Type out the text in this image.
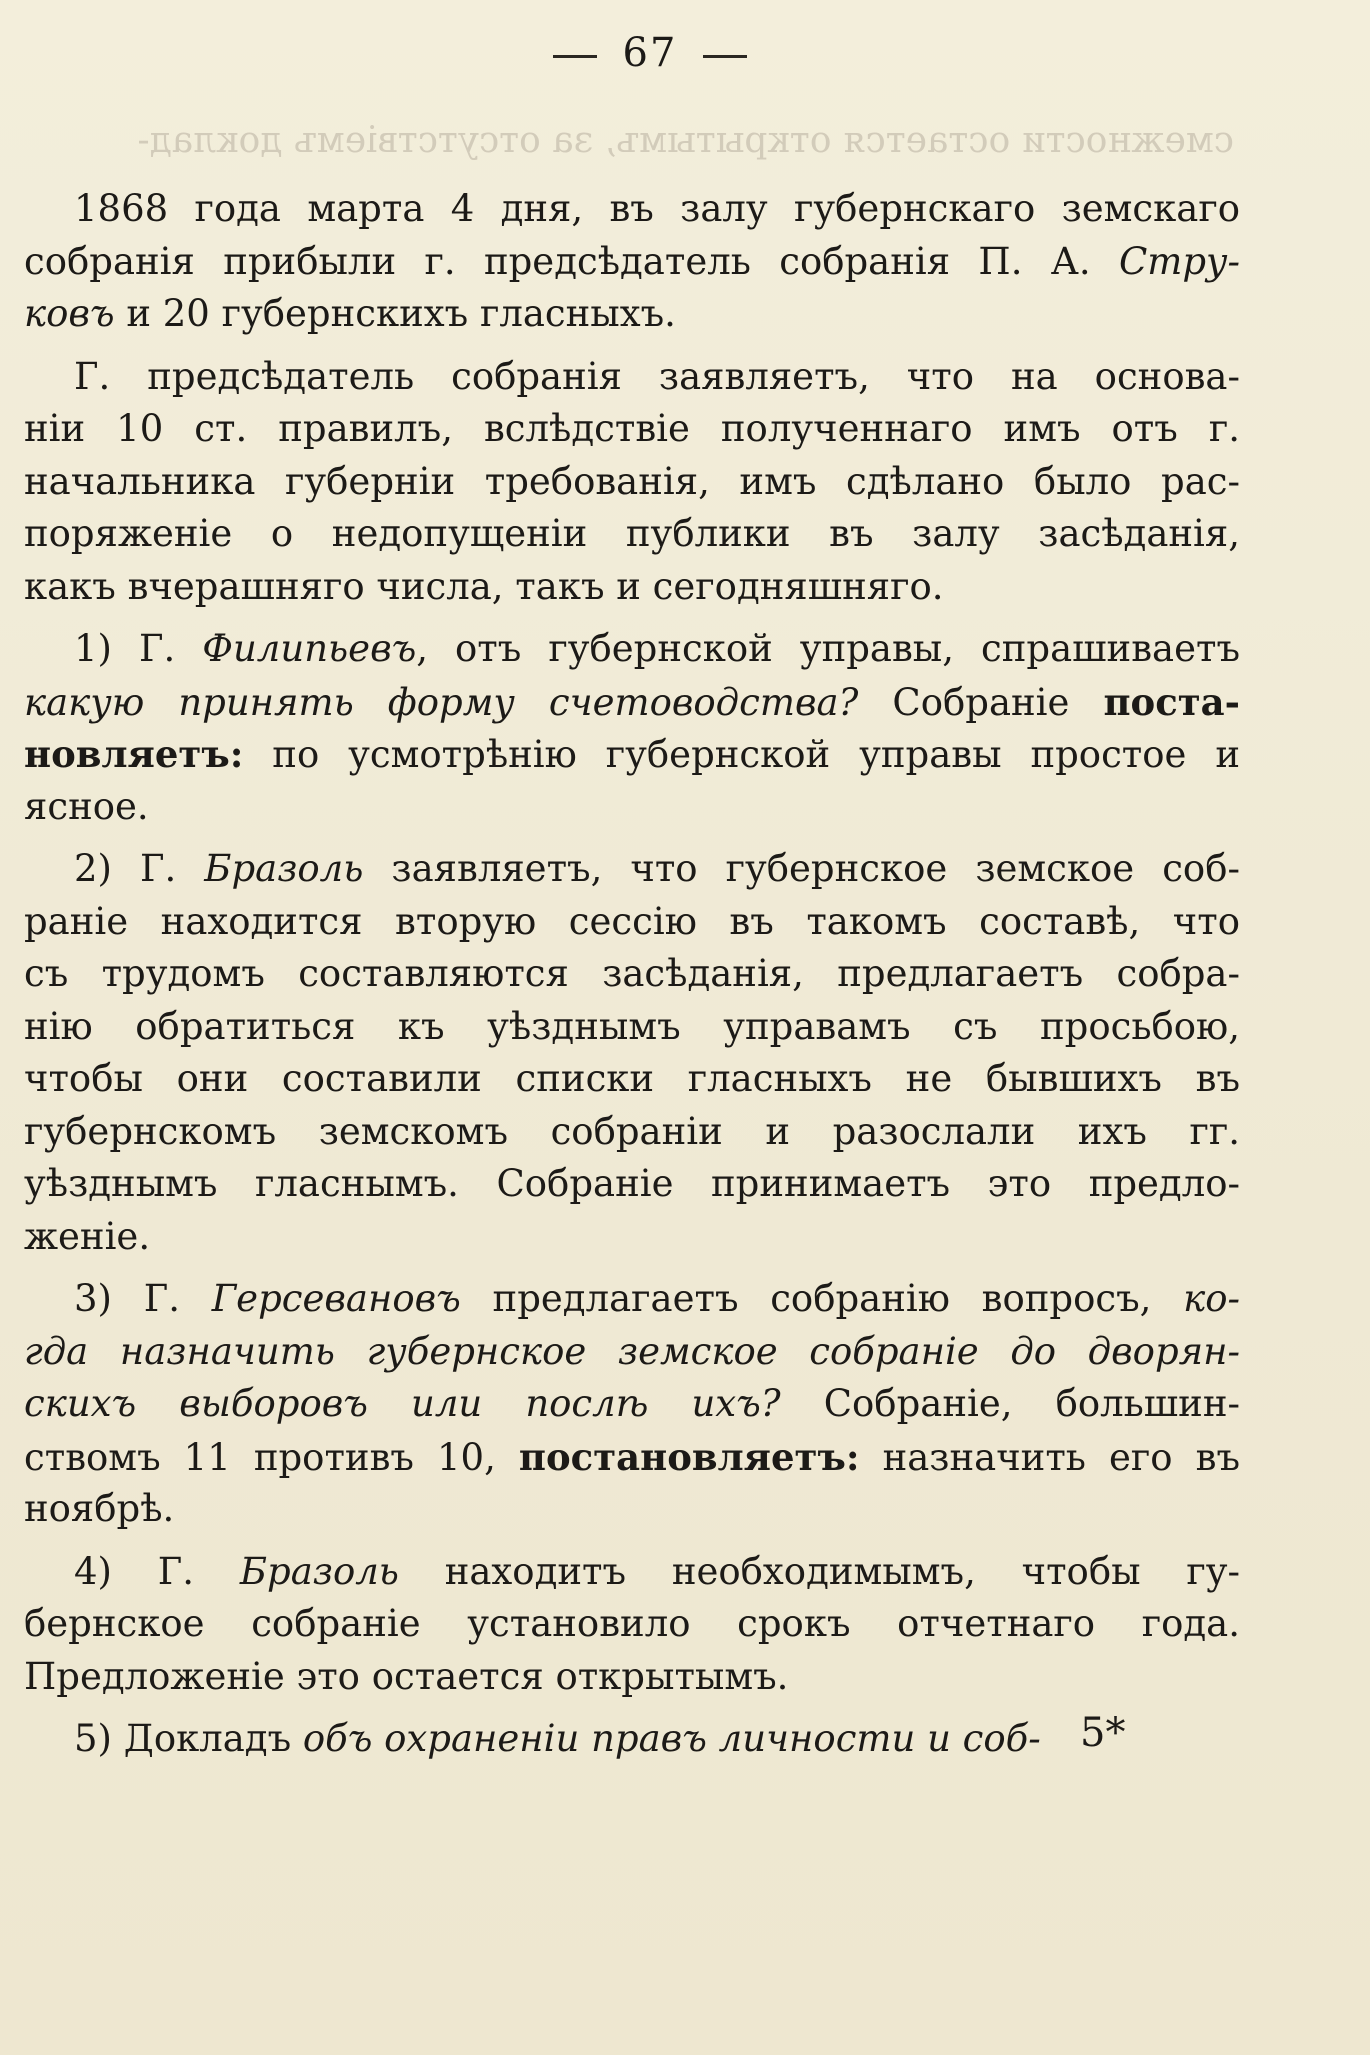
67
смежности остается открытымъ, за отсутствіемъ доклад-
1868 года марта 4 дня, въ залу губернскаго земскаго
собранія прибыли г. предсѣдатель собранія П. А. Стру-
ковъ и 20 губернскихъ гласныхъ.
Г. предсѣдатель собранія заявляетъ, что на основа-
ніи 10 ст. правилъ, вслѣдствіе полученнаго имъ отъ г.
начальника губерніи требованія, имъ сдѣлано было рас-
поряженіе о недопущеніи публики въ залу засѣданія,
какъ вчерашняго числа, такъ и сегодняшняго.
1) Г. Филипьевъ, отъ губернской управы, спрашиваетъ
какую принять форму счетоводства? Собраніе поста-
новляетъ: по усмотрѣнію губернской управы простое и
ясное.
2) Г. Бразоль заявляетъ, что губернское земское соб-
раніе находится вторую сессію въ такомъ составѣ, что
съ трудомъ составляются засѣданія, предлагаетъ собра-
нію обратиться къ уѣзднымъ управамъ съ просьбою,
чтобы они составили списки гласныхъ не бывшихъ въ
губернскомъ земскомъ собраніи и разослали ихъ гг.
уѣзднымъ гласнымъ. Собраніе принимаетъ это предло-
женіе.
3) Г. Герсевановъ предлагаетъ собранію вопросъ, ко-
гда назначить губернское земское собраніе до дворян-
скихъ выборовъ или послѣ ихъ? Собраніе, большин-
ствомъ 11 противъ 10, постановляетъ: назначить его въ
ноябрѣ.
4) Г. Бразоль находитъ необходимымъ, чтобы гу-
бернское собраніе установило срокъ отчетнаго года.
Предложеніе это остается открытымъ.
5) Докладъ объ охраненіи правъ личности и соб- 5*
